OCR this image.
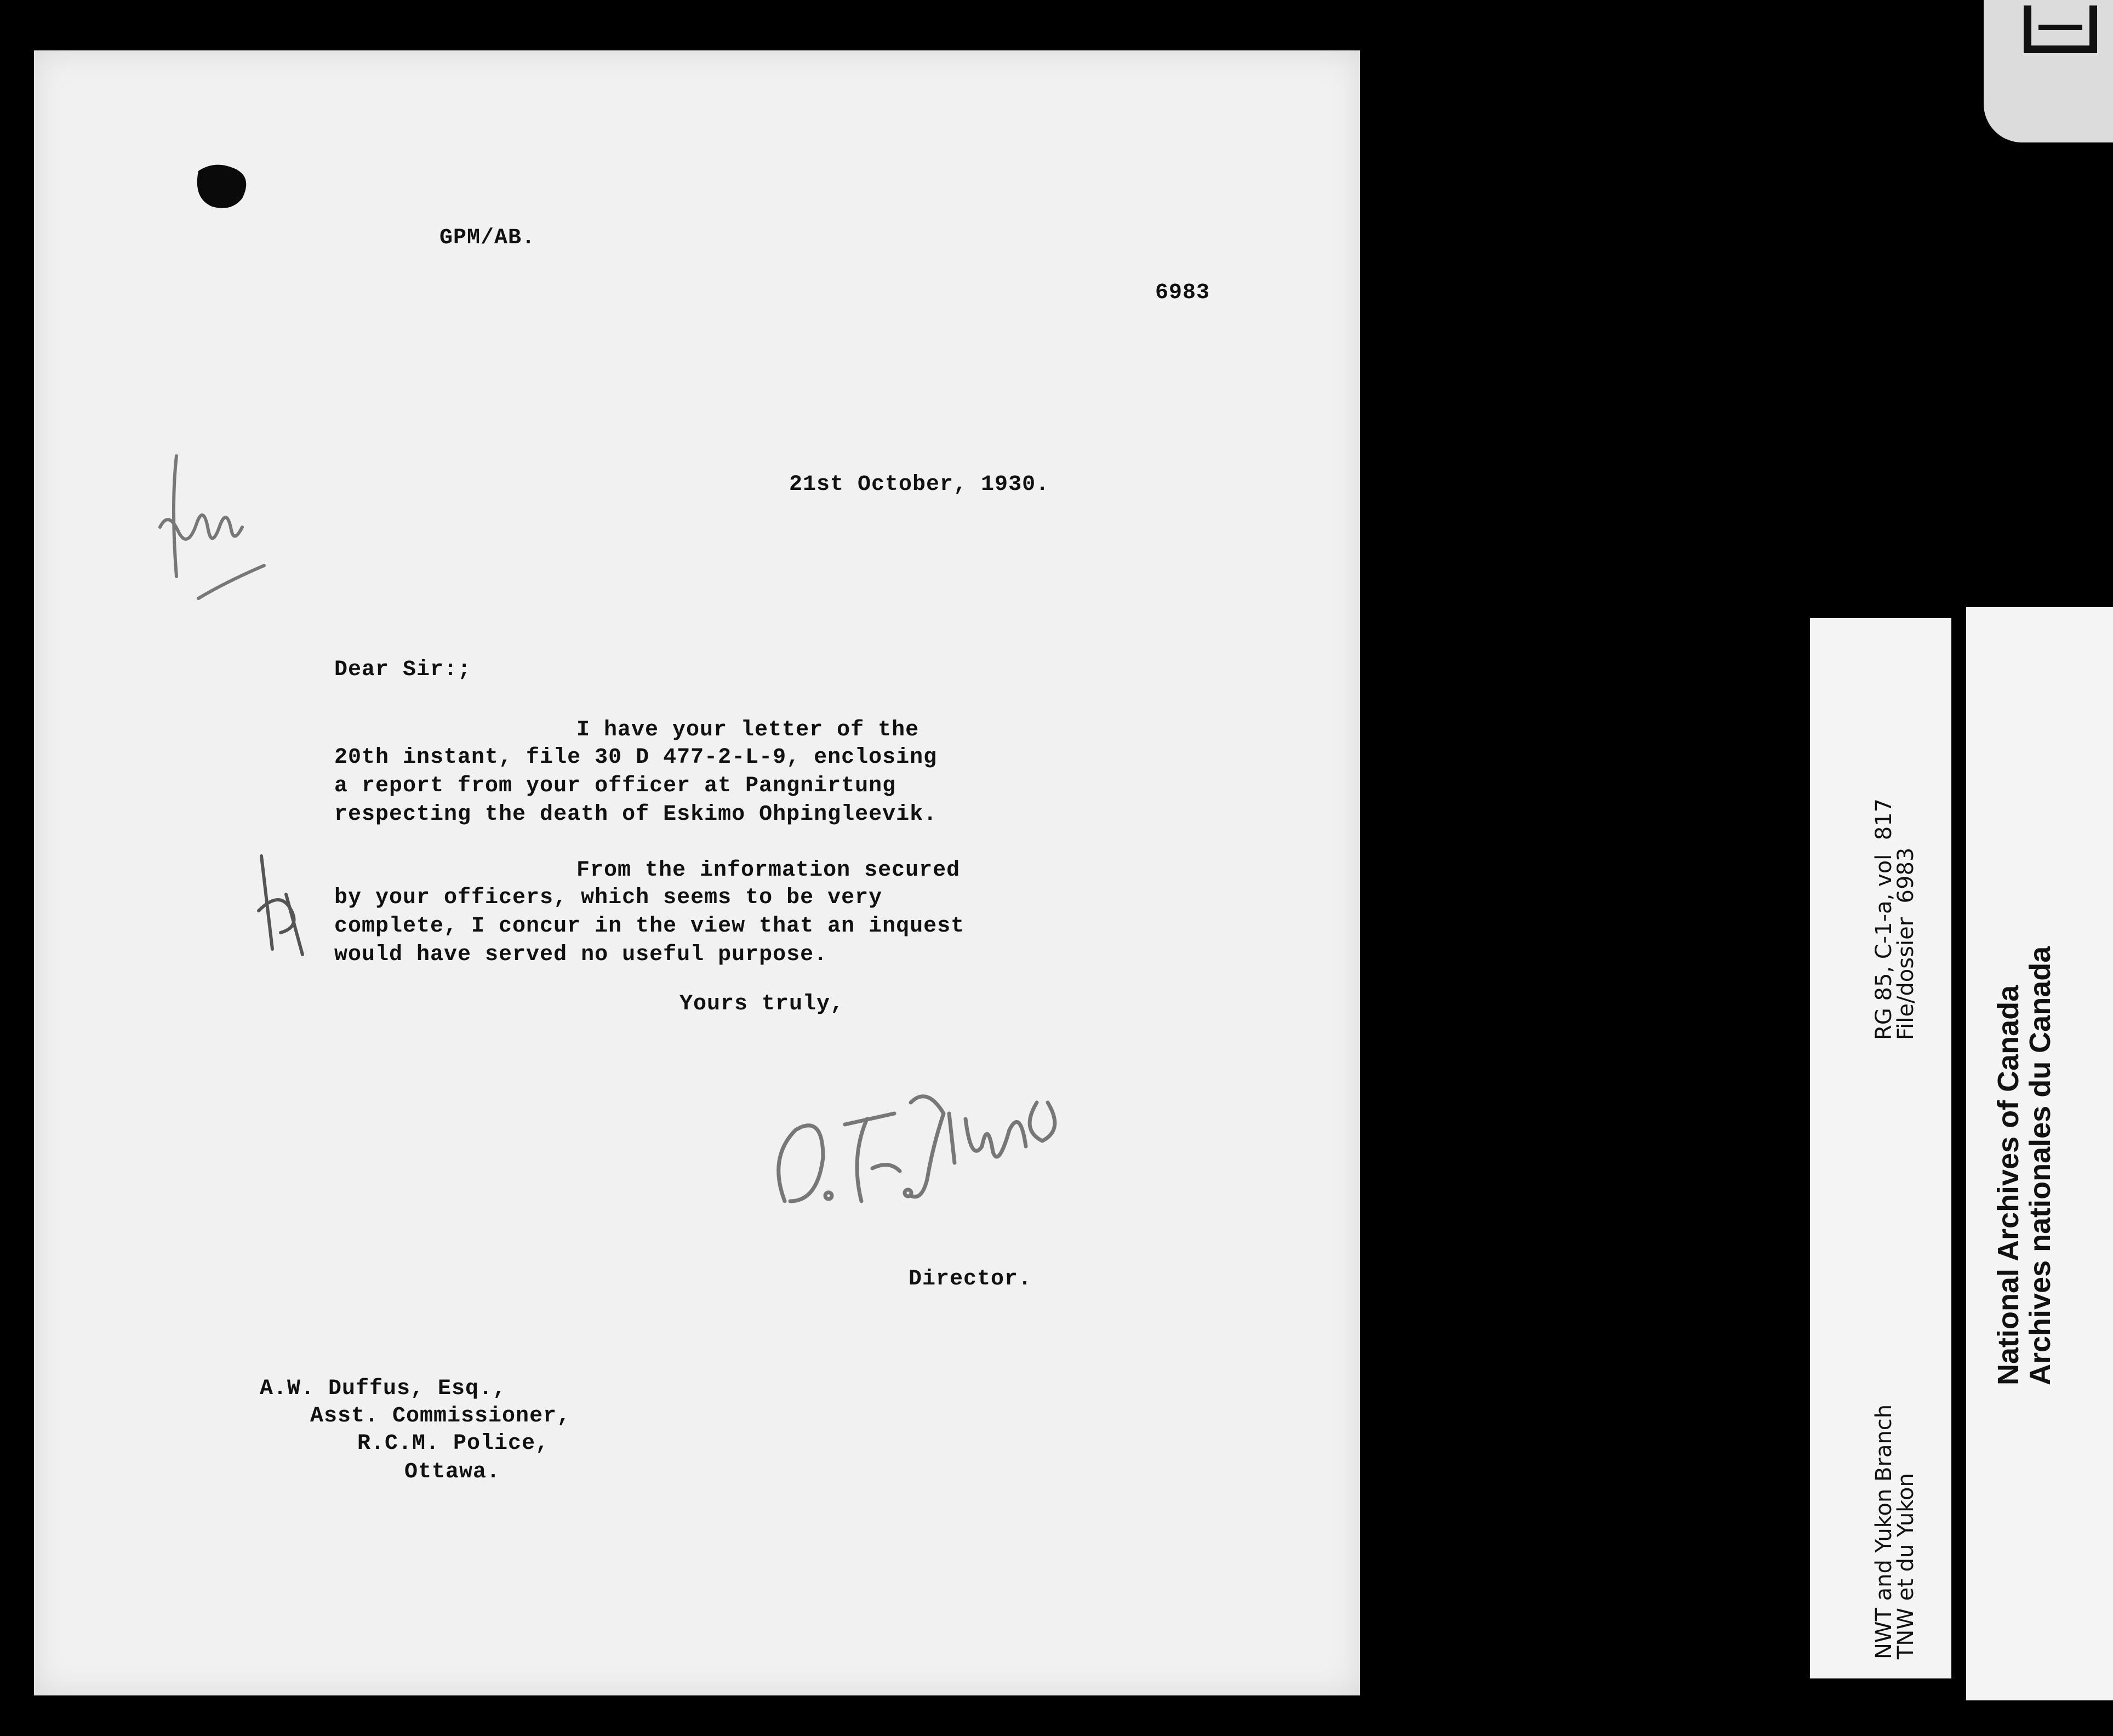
GPM/AB.
6983
21st October, 1930.
Dear Sir:;

I have your letter of the

20th instant, file 30 D 477-2-L-9, enclosing

a report from your officer at Pangnirtung

respecting the death of Eskimo Ohpingleevik.

From the information secured

by your officers, which seems to be very

complete, I concur in the view that an inquest

would have served no useful purpose.

Yours truly,
O.S. Finnie
Director.
A.W. Duffus, Esq.,
Asst. Commissioner,
R.C.M. Police,
Ottawa.	NWT and Yukon Branch
TNW et du Yukon
RG 85, C-1-a, vol  817
File/dossier  6983
National Archives of Canada
Archives nationales du Canada
